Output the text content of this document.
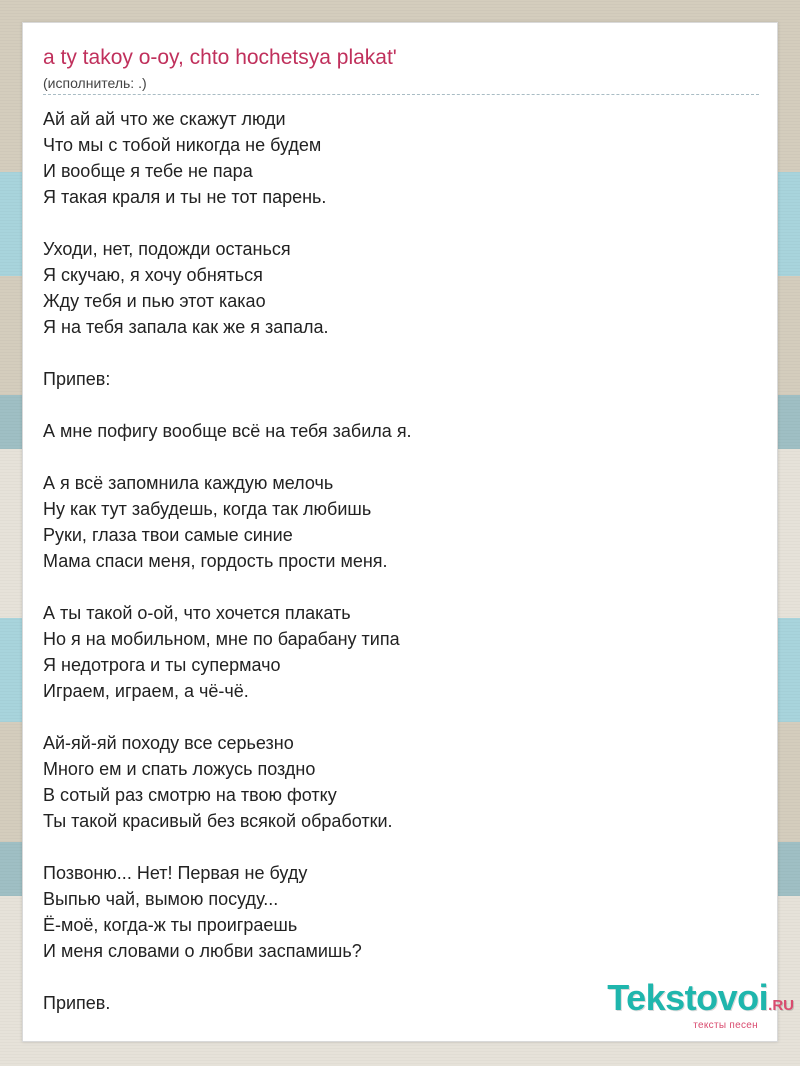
a ty takoy o-oy, chto hochetsya plakat'
(исполнитель: .)
Ай ай ай что же скажут люди
Что мы с тобой никогда не будем
И вообще я тебе не пара
Я такая краля и ты не тот парень.
Уходи, нет, подожди останься
Я скучаю, я хочу обняться
Жду тебя и пью этот какао
Я на тебя запала как же я запала.
Припев:
А мне пофигу вообще всё на тебя забила я.
А я всё запомнила каждую мелочь
Ну как тут забудешь, когда так любишь
Руки, глаза твои самые синие
Мама спаси меня, гордость прости меня.
А ты такой о-ой, что хочется плакать
Но я на мобильном, мне по барабану типа
Я недотрога и ты супермачо
Играем, играем, а чё-чё.
Ай-яй-яй походу все серьезно
Много ем и спать ложусь поздно
В сотый раз смотрю на твою фотку
Ты такой красивый без всякой обработки.
Позвоню... Нет! Первая не буду
Выпью чай, вымою посуду...
Ё-моё, когда-ж ты проиграешь
И меня словами о любви заспамишь?
Припев.	Tekstovoi.RU
тексты песен
